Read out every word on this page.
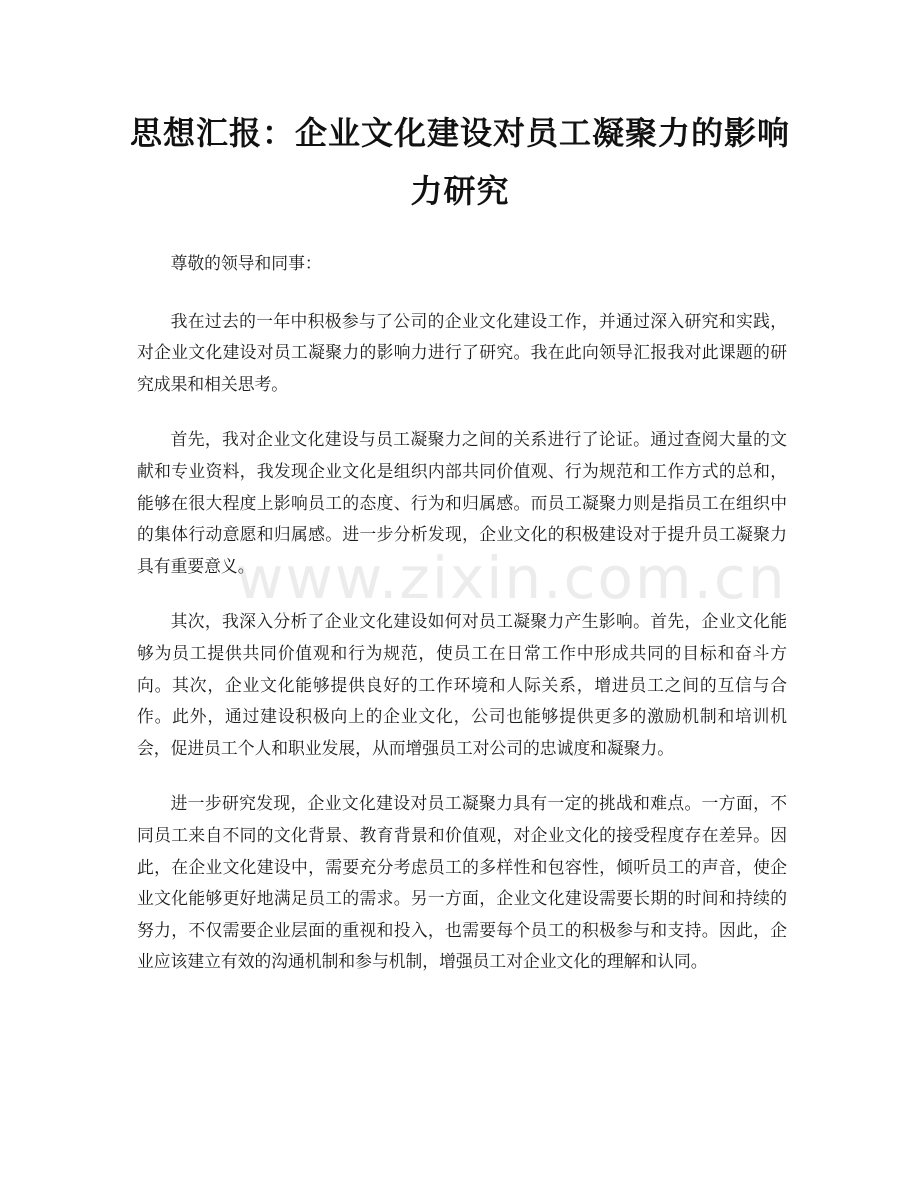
思想汇报：企业文化建设对员工凝聚力的影响力研究

尊敬的领导和同事：

我在过去的一年中积极参与了公司的企业文化建设工作，并通过深入研究和实践，对企业文化建设对员工凝聚力的影响力进行了研究。我在此向领导汇报我对此课题的研究成果和相关思考。

首先，我对企业文化建设与员工凝聚力之间的关系进行了论证。通过查阅大量的文献和专业资料，我发现企业文化是组织内部共同价值观、行为规范和工作方式的总和，能够在很大程度上影响员工的态度、行为和归属感。而员工凝聚力则是指员工在组织中的集体行动意愿和归属感。进一步分析发现，企业文化的积极建设对于提升员工凝聚力具有重要意义。

其次，我深入分析了企业文化建设如何对员工凝聚力产生影响。首先，企业文化能够为员工提供共同价值观和行为规范，使员工在日常工作中形成共同的目标和奋斗方向。其次，企业文化能够提供良好的工作环境和人际关系，增进员工之间的互信与合作。此外，通过建设积极向上的企业文化，公司也能够提供更多的激励机制和培训机会，促进员工个人和职业发展，从而增强员工对公司的忠诚度和凝聚力。

进一步研究发现，企业文化建设对员工凝聚力具有一定的挑战和难点。一方面，不同员工来自不同的文化背景、教育背景和价值观，对企业文化的接受程度存在差异。因此，在企业文化建设中，需要充分考虑员工的多样性和包容性，倾听员工的声音，使企业文化能够更好地满足员工的需求。另一方面，企业文化建设需要长期的时间和持续的努力，不仅需要企业层面的重视和投入，也需要每个员工的积极参与和支持。因此，企业应该建立有效的沟通机制和参与机制，增强员工对企业文化的理解和认同。

www.zixin.com.cn
